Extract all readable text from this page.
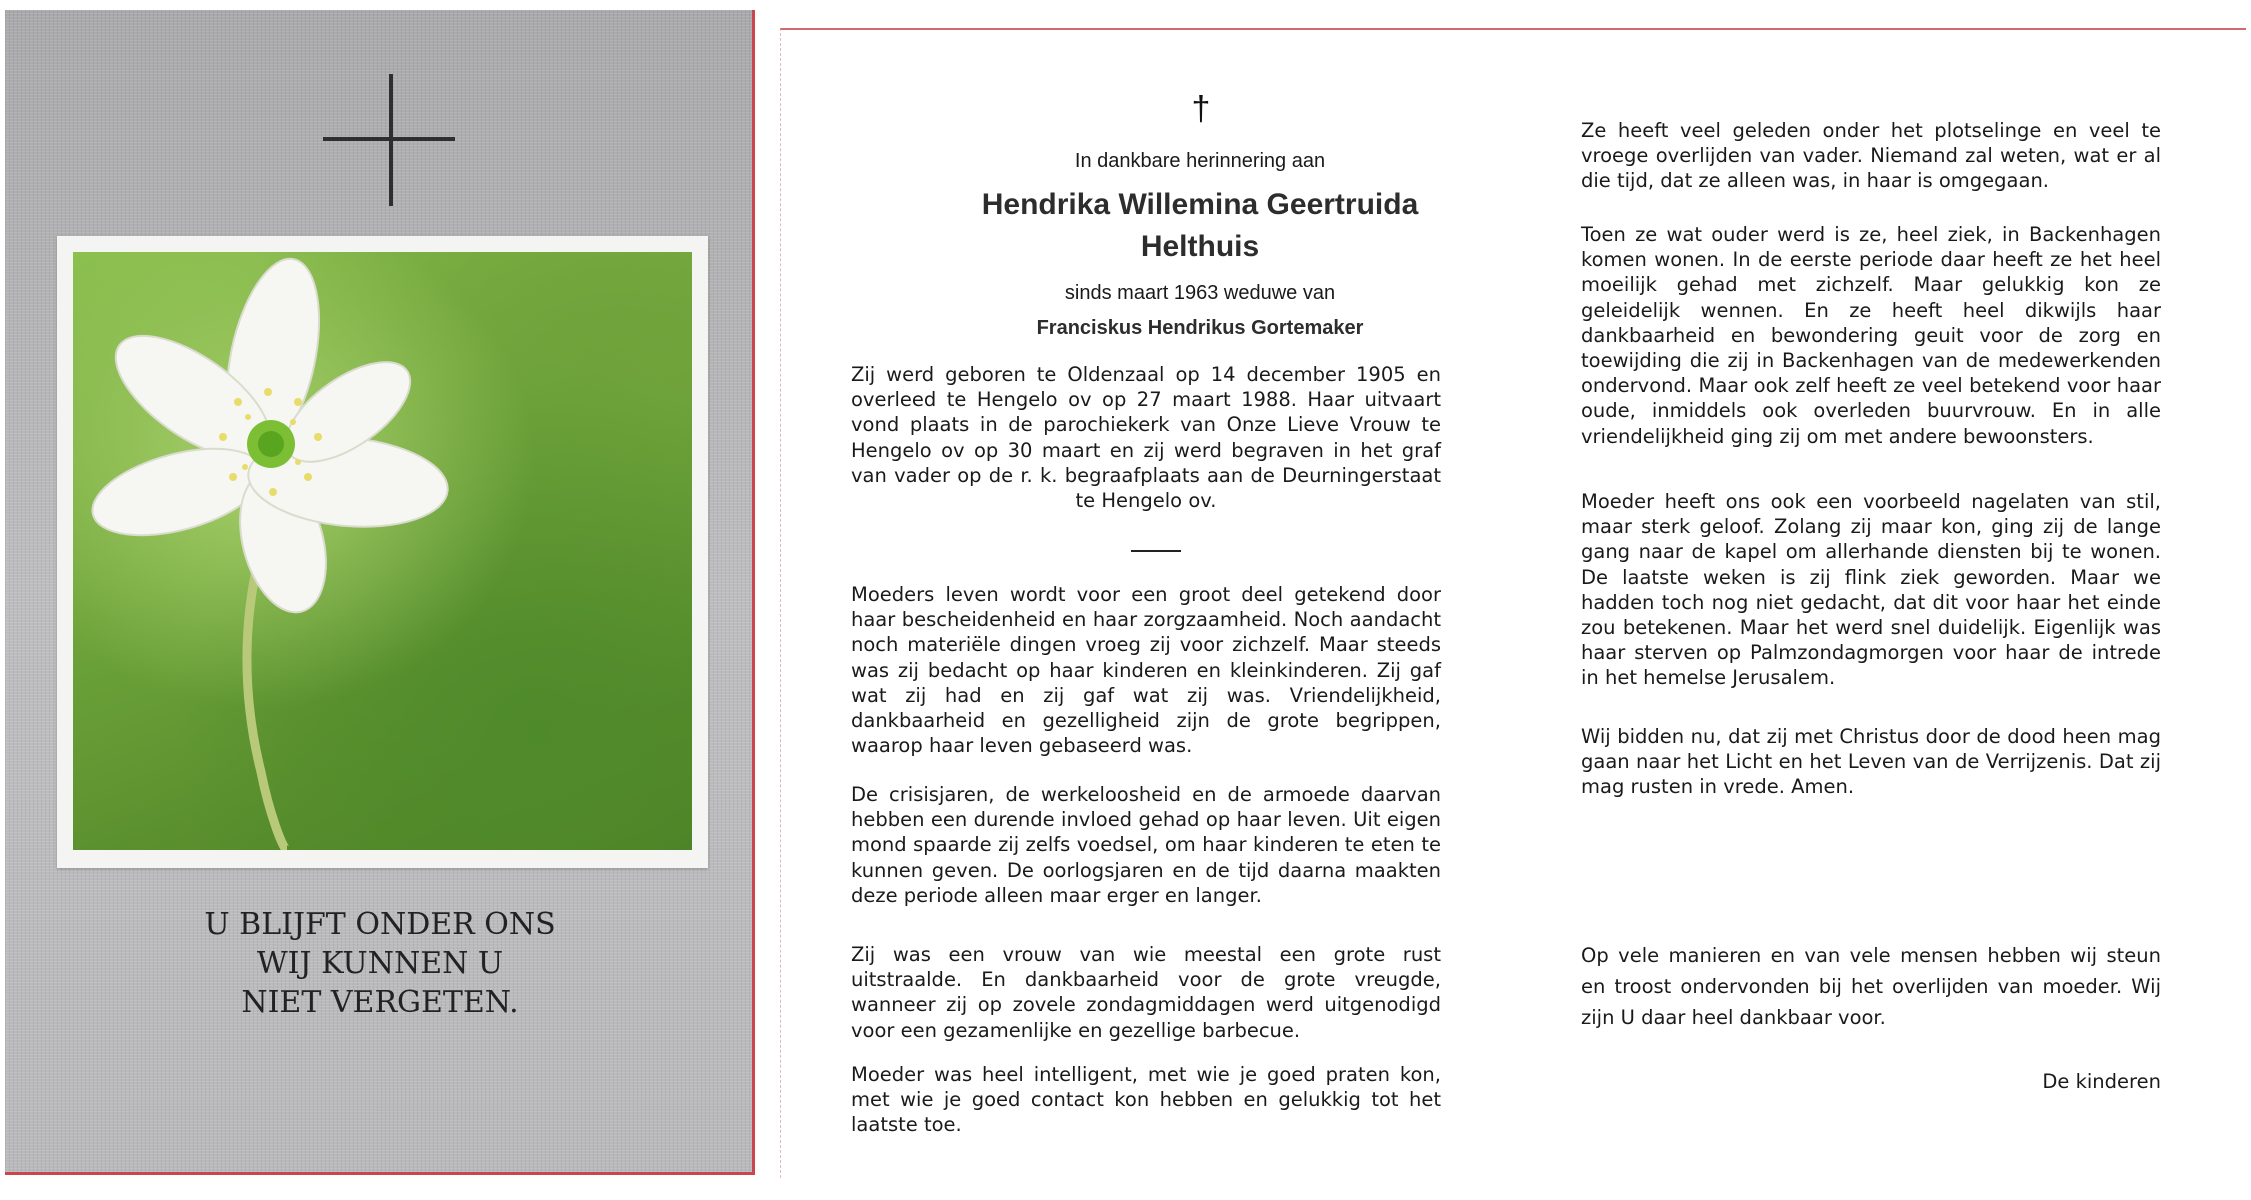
U BLIJFT ONDER ONS
WIJ KUNNEN U
NIET VERGETEN.
†
In dankbare herinnering aan
Hendrika Willemina Geertruida
Helthuis
sinds maart 1963 weduwe van
Franciskus Hendrikus Gortemaker

Zij werd geboren te Oldenzaal op 14 december 1905 en overleed te Hengelo ov op 27 maart 1988. Haar uitvaart vond plaats in de parochiekerk van Onze Lieve Vrouw te Hengelo ov op 30 maart en zij werd begraven in het graf van vader op de r. k. begraafplaats aan de Deurningerstaat te Hengelo ov.

Moeders leven wordt voor een groot deel getekend door haar bescheidenheid en haar zorgzaamheid. Noch aandacht noch materiële dingen vroeg zij voor zichzelf. Maar steeds was zij bedacht op haar kinderen en kleinkinderen. Zij gaf wat zij had en zij gaf wat zij was. Vriendelijkheid, dankbaarheid en gezelligheid zijn de grote begrippen, waarop haar leven gebaseerd was.

De crisisjaren, de werkeloosheid en de armoede daarvan hebben een durende invloed gehad op haar leven. Uit eigen mond spaarde zij zelfs voedsel, om haar kinderen te eten te kunnen geven. De oorlogsjaren en de tijd daarna maakten deze periode alleen maar erger en langer.

Zij was een vrouw van wie meestal een grote rust uitstraalde. En dankbaarheid voor de grote vreugde, wanneer zij op zovele zondagmiddagen werd uitgenodigd voor een gezamenlijke en gezellige barbecue.

Moeder was heel intelligent, met wie je goed praten kon, met wie je goed contact kon hebben en gelukkig tot het laatste toe.

Ze heeft veel geleden onder het plotselinge en veel te vroege overlijden van vader. Niemand zal weten, wat er al die tijd, dat ze alleen was, in haar is omgegaan.

Toen ze wat ouder werd is ze, heel ziek, in Backenhagen komen wonen. In de eerste periode daar heeft ze het heel moeilijk gehad met zichzelf. Maar gelukkig kon ze geleidelijk wennen. En ze heeft heel dikwijls haar dankbaarheid en bewondering geuit voor de zorg en toewijding die zij in Backenhagen van de medewerkenden ondervond. Maar ook zelf heeft ze veel betekend voor haar oude, inmiddels ook overleden buurvrouw. En in alle vriendelijkheid ging zij om met andere bewoonsters.

Moeder heeft ons ook een voorbeeld nagelaten van stil, maar sterk geloof. Zolang zij maar kon, ging zij de lange gang naar de kapel om allerhande diensten bij te wonen. De laatste weken is zij flink ziek geworden. Maar we hadden toch nog niet gedacht, dat dit voor haar het einde zou betekenen. Maar het werd snel duidelijk. Eigenlijk was haar sterven op Palmzondagmorgen voor haar de intrede in het hemelse Jerusalem.

Wij bidden nu, dat zij met Christus door de dood heen mag gaan naar het Licht en het Leven van de Verrijzenis. Dat zij mag rusten in vrede. Amen.

Op vele manieren en van vele mensen hebben wij steun en troost ondervonden bij het overlijden van moeder. Wij zijn U daar heel dankbaar voor.

De kinderen
